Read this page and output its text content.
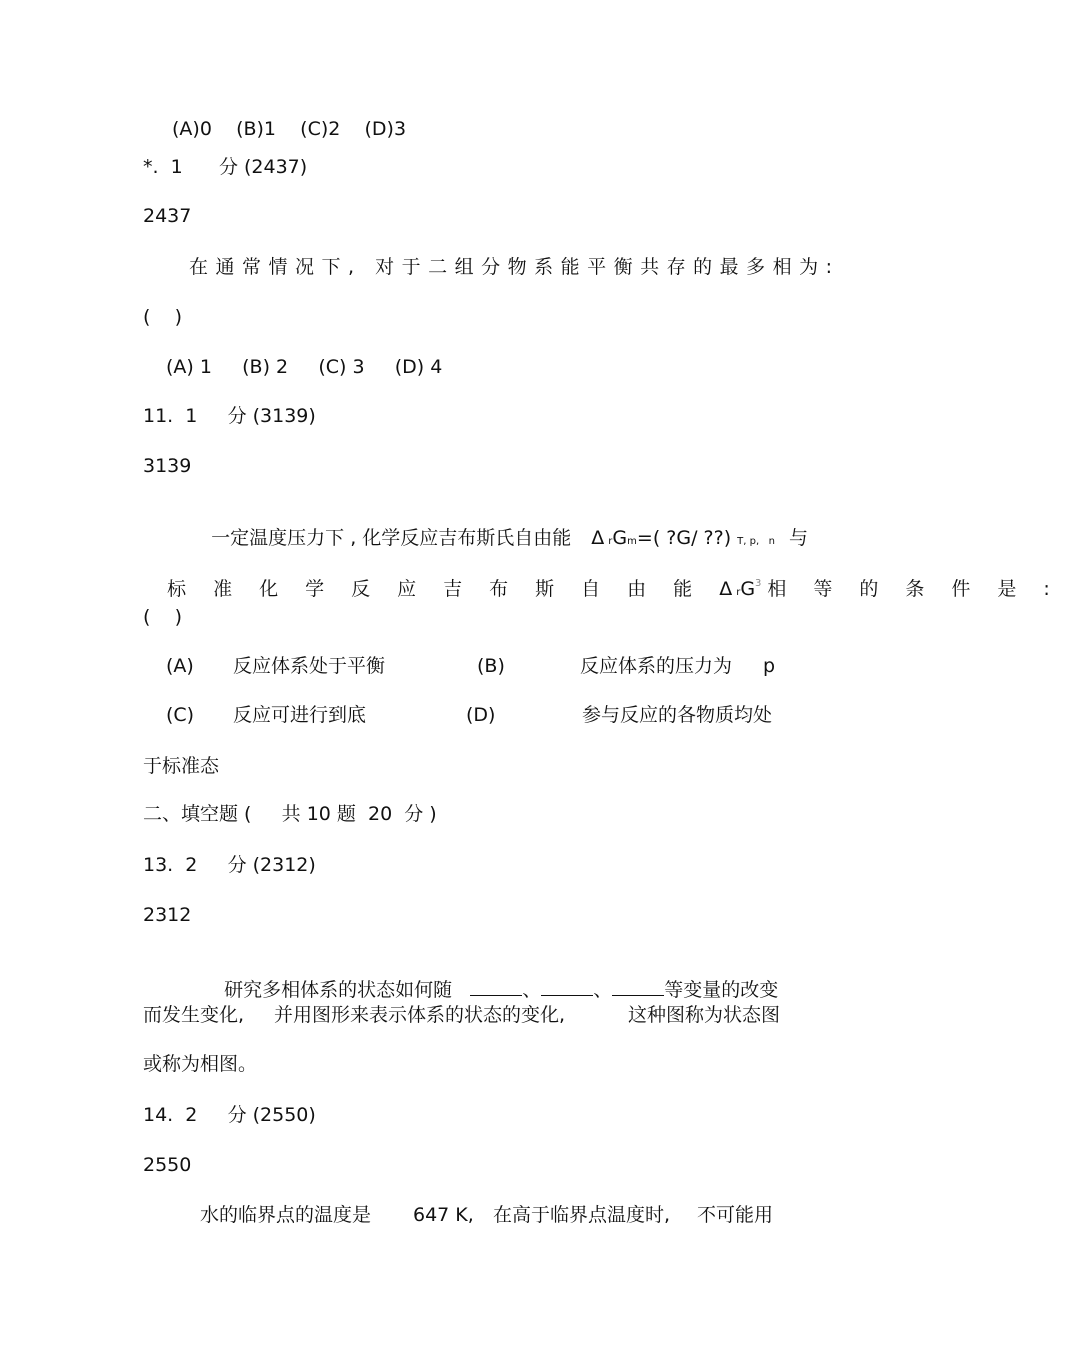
(A)0    (B)1    (C)2    (D)3
*.  1      分 (2437)
2437
在通常情况下, 对于二组分物系能平衡共存的最多相为:
(    )
(A) 1     (B) 2     (C) 3     (D) 4
11.  1     分 (3139)
3139

一定温度压力下 , 化学反应吉布斯氏自由能 Δ rGm=( ?G/ ??) T, p,   n 与

标准化学反应吉布斯自由能Δ $rG^3$ 相等的条件是:

(    )
(A) 反应体系处于平衡	(B)	反应体系的压力为 p
(C) 反应可进行到底	(D)	参与反应的各物质均处
于标准态
二、填空题 (     共 10 题  20  分 )
13.  2     分 (2312)
2312

研究多相体系的状态如何随	、	、	等变量的改变

而发生变化, 并用图形来表示体系的状态的变化,	这种图称为状态图
或称为相图。
14.  2     分 (2550)
2550
水的临界点的温度是 647 K, 在高于临界点温度时, 不可能用
